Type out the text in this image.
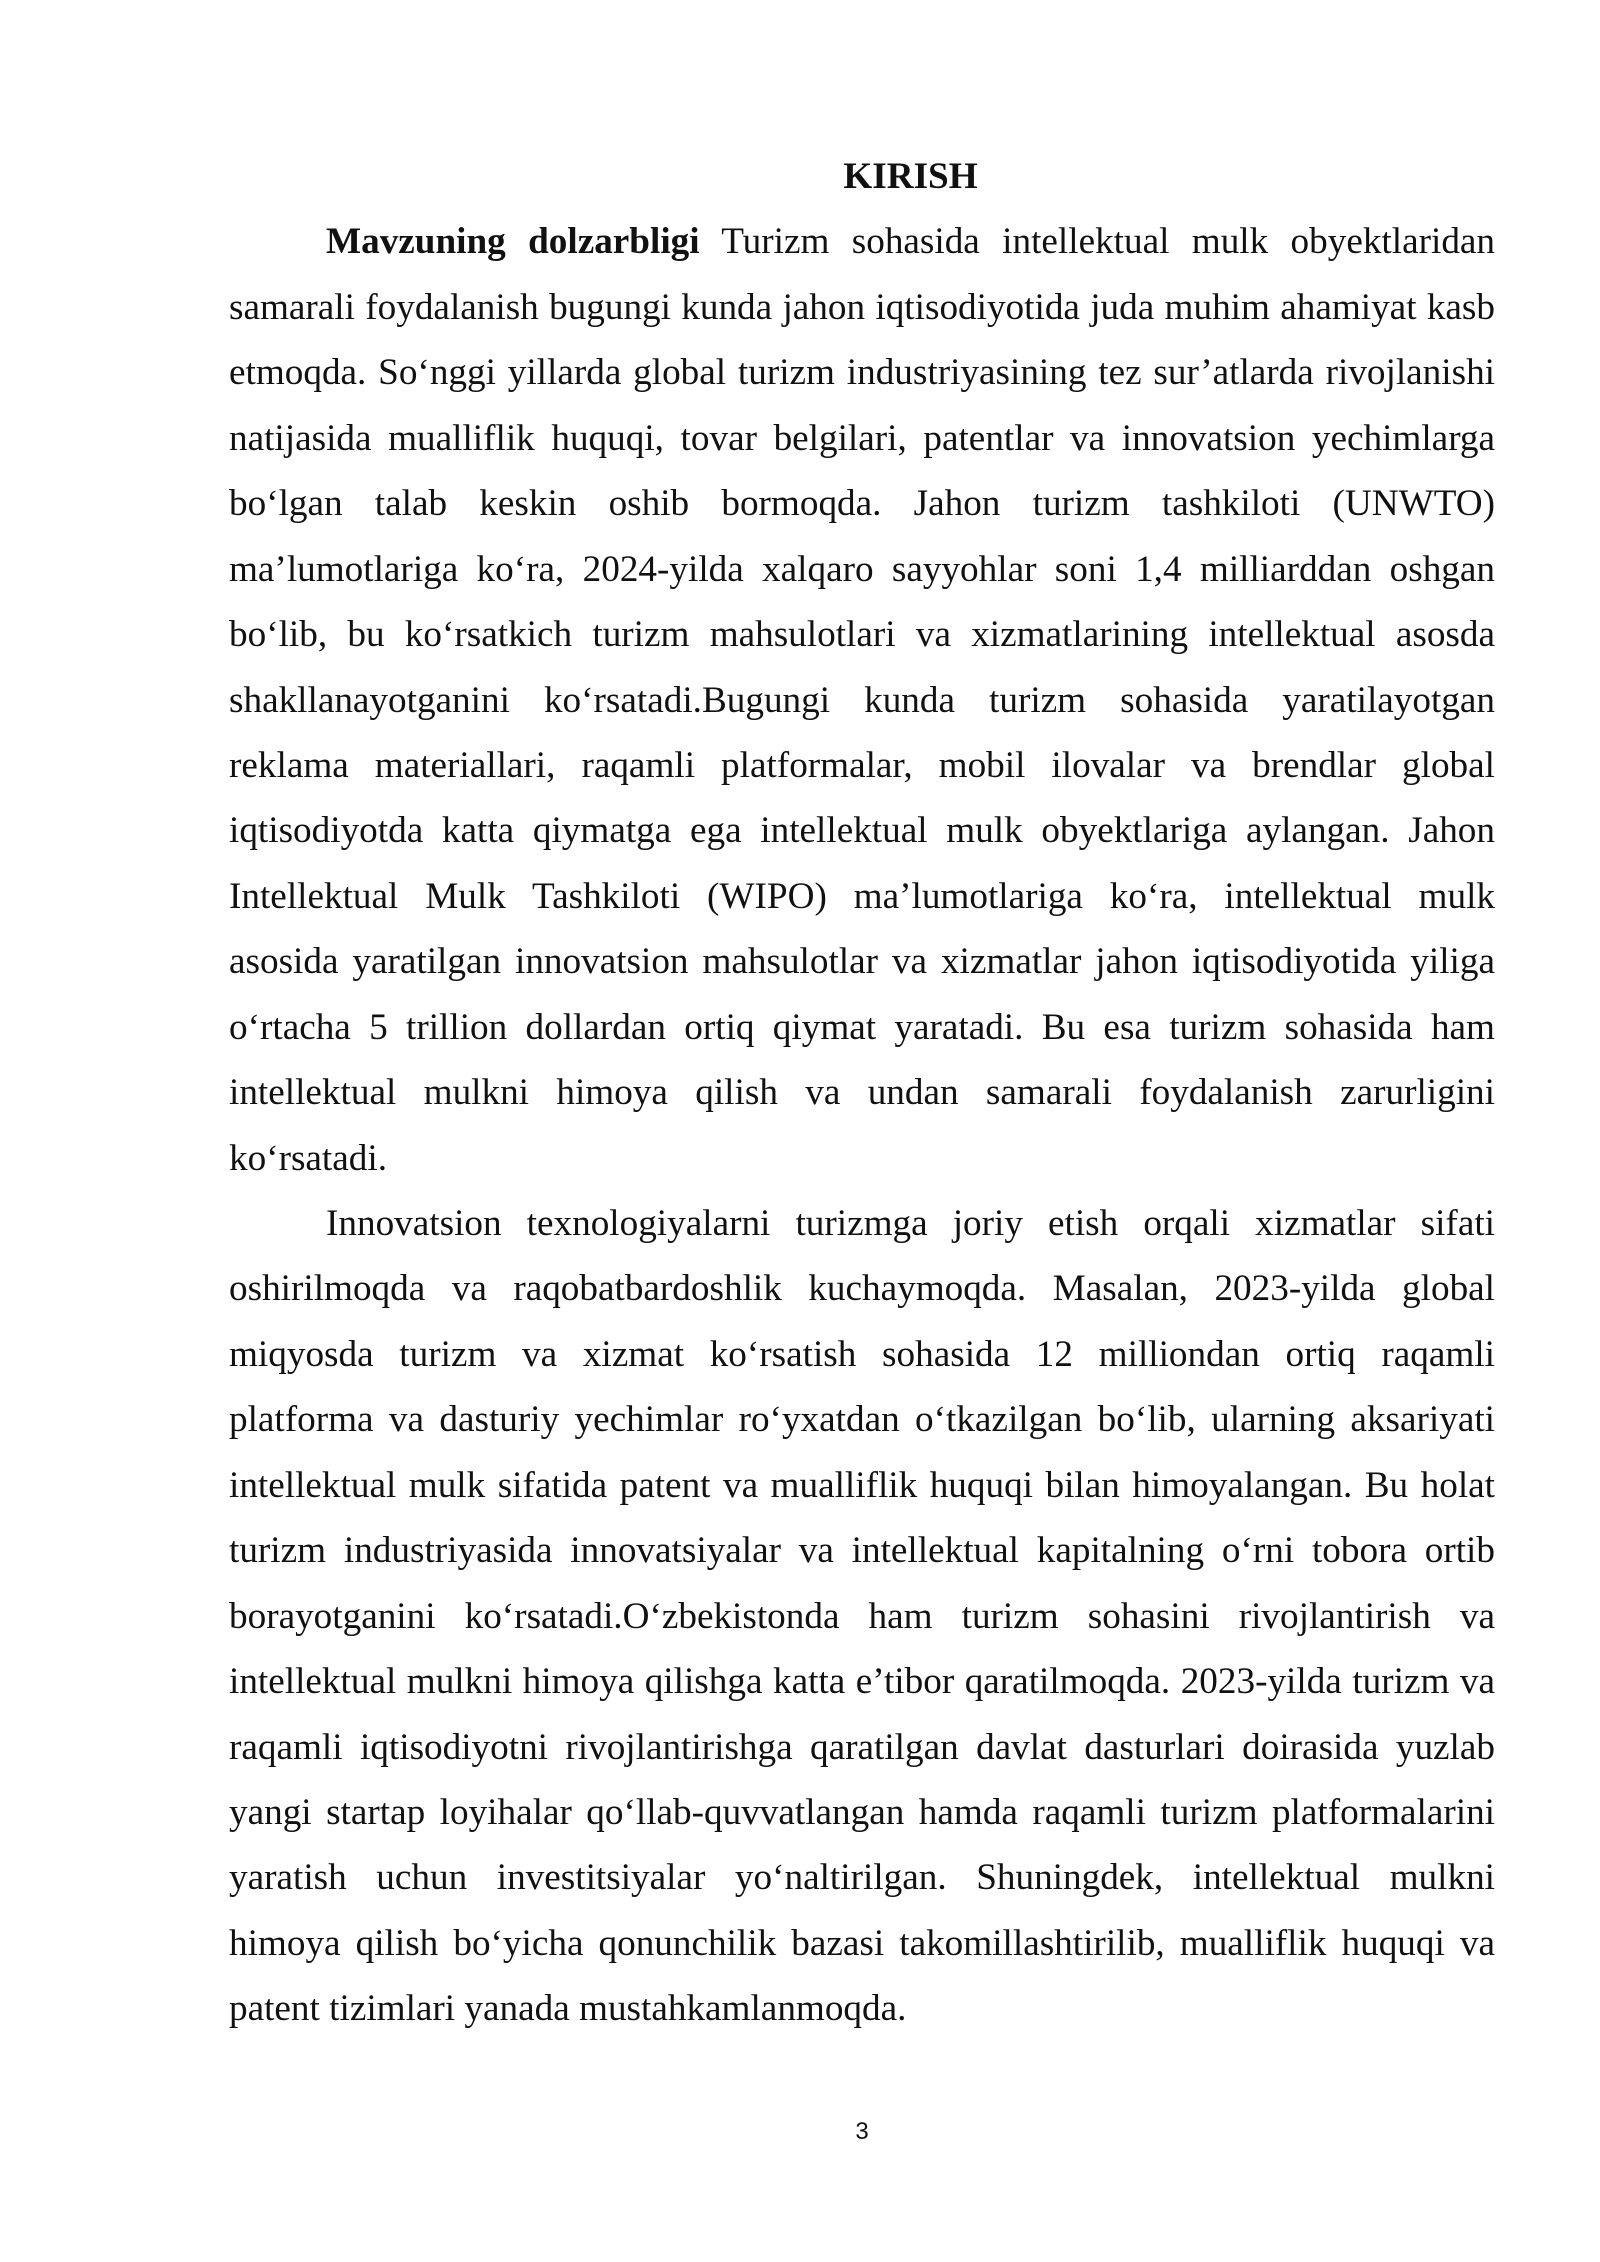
KIRISH
Mavzuning dolzarbligi Turizm sohasida intellektual mulk obyektlaridan
samarali foydalanish bugungi kunda jahon iqtisodiyotida juda muhim ahamiyat kasb
etmoqda. So‘nggi yillarda global turizm industriyasining tez sur’atlarda rivojlanishi
natijasida mualliflik huquqi, tovar belgilari, patentlar va innovatsion yechimlarga
bo‘lgan talab keskin oshib bormoqda. Jahon turizm tashkiloti (UNWTO)
ma’lumotlariga ko‘ra, 2024-yilda xalqaro sayyohlar soni 1,4 milliarddan oshgan
bo‘lib, bu ko‘rsatkich turizm mahsulotlari va xizmatlarining intellektual asosda
shakllanayotganini ko‘rsatadi.Bugungi kunda turizm sohasida yaratilayotgan
reklama materiallari, raqamli platformalar, mobil ilovalar va brendlar global
iqtisodiyotda katta qiymatga ega intellektual mulk obyektlariga aylangan. Jahon
Intellektual Mulk Tashkiloti (WIPO) ma’lumotlariga ko‘ra, intellektual mulk
asosida yaratilgan innovatsion mahsulotlar va xizmatlar jahon iqtisodiyotida yiliga
o‘rtacha 5 trillion dollardan ortiq qiymat yaratadi. Bu esa turizm sohasida ham
intellektual mulkni himoya qilish va undan samarali foydalanish zarurligini
ko‘rsatadi.
Innovatsion texnologiyalarni turizmga joriy etish orqali xizmatlar sifati
oshirilmoqda va raqobatbardoshlik kuchaymoqda. Masalan, 2023-yilda global
miqyosda turizm va xizmat ko‘rsatish sohasida 12 milliondan ortiq raqamli
platforma va dasturiy yechimlar ro‘yxatdan o‘tkazilgan bo‘lib, ularning aksariyati
intellektual mulk sifatida patent va mualliflik huquqi bilan himoyalangan. Bu holat
turizm industriyasida innovatsiyalar va intellektual kapitalning o‘rni tobora ortib
borayotganini ko‘rsatadi.O‘zbekistonda ham turizm sohasini rivojlantirish va
intellektual mulkni himoya qilishga katta e’tibor qaratilmoqda. 2023-yilda turizm va
raqamli iqtisodiyotni rivojlantirishga qaratilgan davlat dasturlari doirasida yuzlab
yangi startap loyihalar qo‘llab-quvvatlangan hamda raqamli turizm platformalarini
yaratish uchun investitsiyalar yo‘naltirilgan. Shuningdek, intellektual mulkni
himoya qilish bo‘yicha qonunchilik bazasi takomillashtirilib, mualliflik huquqi va
patent tizimlari yanada mustahkamlanmoqda.
3
